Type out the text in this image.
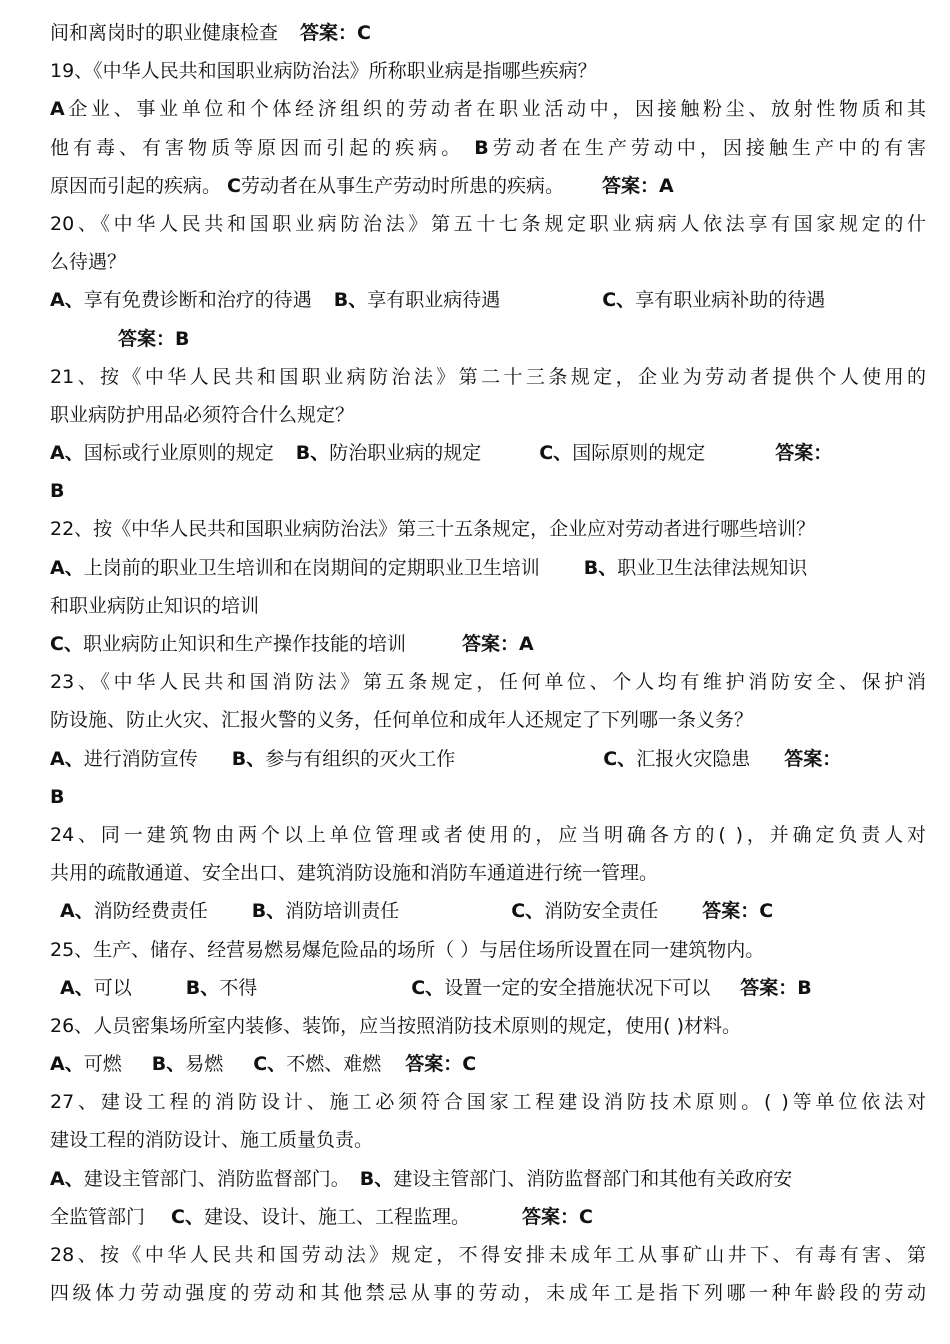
间和离岗时的职业健康检查 答案：C
19、《中华人民共和国职业病防治法》所称职业病是指哪些疾病？
A企业、事业单位和个体经济组织的劳动者在职业活动中，因接触粉尘、放射性物质和其
他有毒、有害物质等原因而引起的疾病。 B劳动者在生产劳动中，因接触生产中的有害
原因而引起的疾病。 C劳动者在从事生产劳动时所患的疾病。 答案：A
20、《中华人民共和国职业病防治法》第五十七条规定职业病病人依法享有国家规定的什
么待遇？
A、享有免费诊断和治疗的待遇 B、享有职业病待遇	C、享有职业病补助的待遇
答案：B
21、按《中华人民共和国职业病防治法》第二十三条规定，企业为劳动者提供个人使用的
职业病防护用品必须符合什么规定？
A、国标或行业原则的规定 B、防治职业病的规定	C、国际原则的规定	答案：
B
22、按《中华人民共和国职业病防治法》第三十五条规定，企业应对劳动者进行哪些培训？
A、上岗前的职业卫生培训和在岗期间的定期职业卫生培训 B、职业卫生法律法规知识
和职业病防止知识的培训
C、职业病防止知识和生产操作技能的培训	答案：A
23、《中华人民共和国消防法》第五条规定，任何单位、个人均有维护消防安全、保护消
防设施、防止火灾、汇报火警的义务，任何单位和成年人还规定了下列哪一条义务？
A、进行消防宣传 B、参与有组织的灭火工作	C、汇报火灾隐患 答案：
B
24、同一建筑物由两个以上单位管理或者使用的，应当明确各方的( )，并确定负责人对
共用的疏散通道、安全出口、建筑消防设施和消防车通道进行统一管理。
A、消防经费责任 B、消防培训责任	C、消防安全责任 答案：C
25、生产、储存、经营易燃易爆危险品的场所（ ）与居住场所设置在同一建筑物内。
A、可以	B、不得	C、设置一定的安全措施状况下可以 答案：B
26、人员密集场所室内装修、装饰，应当按照消防技术原则的规定，使用( )材料。
A、可燃 B、易燃 C、不燃、难燃 答案：C
27、建设工程的消防设计、施工必须符合国家工程建设消防技术原则。( )等单位依法对
建设工程的消防设计、施工质量负责。
A、建设主管部门、消防监督部门。 B、建设主管部门、消防监督部门和其他有关政府安
全监管部门 C、建设、设计、施工、工程监理。	答案：C
28、按《中华人民共和国劳动法》规定，不得安排未成年工从事矿山井下、有毒有害、第
四级体力劳动强度的劳动和其他禁忌从事的劳动，未成年工是指下列哪一种年龄段的劳动
